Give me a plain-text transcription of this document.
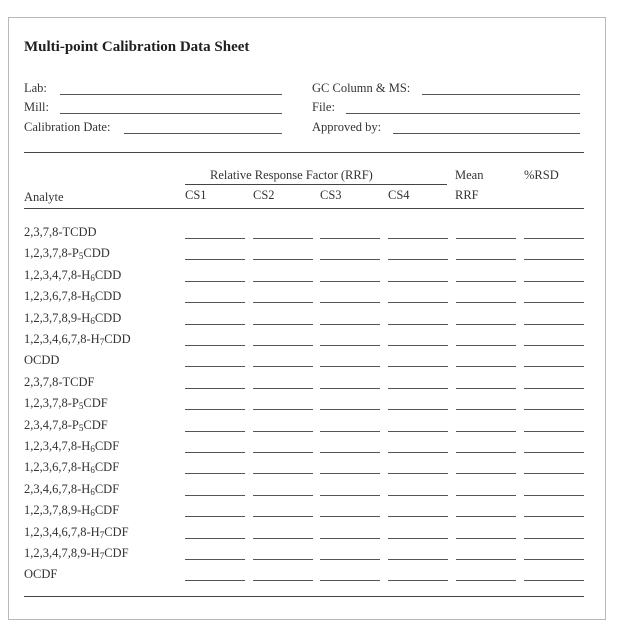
Multi-point Calibration Data Sheet
Lab:
Mill:
Calibration Date:
GC Column & MS:
File:
Approved by:
Relative Response Factor (RRF)	Mean	%RSD
Analyte	CS1	CS2	CS3	CS4	RRF
2,3,7,8-TCDD
$1,2,3,7,8-P_5CDD$
$1,2,3,4,7,8-H_6CDD$
$1,2,3,6,7,8-H_6CDD$
$1,2,3,7,8,9-H_6CDD$
$1,2,3,4,6,7,8-H_7CDD$
OCDD
2,3,7,8-TCDF
$1,2,3,7,8-P_5CDF$
$2,3,4,7,8-P_5CDF$
$1,2,3,4,7,8-H_6CDF$
$1,2,3,6,7,8-H_6CDF$
$2,3,4,6,7,8-H_6CDF$
$1,2,3,7,8,9-H_6CDF$
$1,2,3,4,6,7,8-H_7CDF$
$1,2,3,4,7,8,9-H_7CDF$
OCDF
